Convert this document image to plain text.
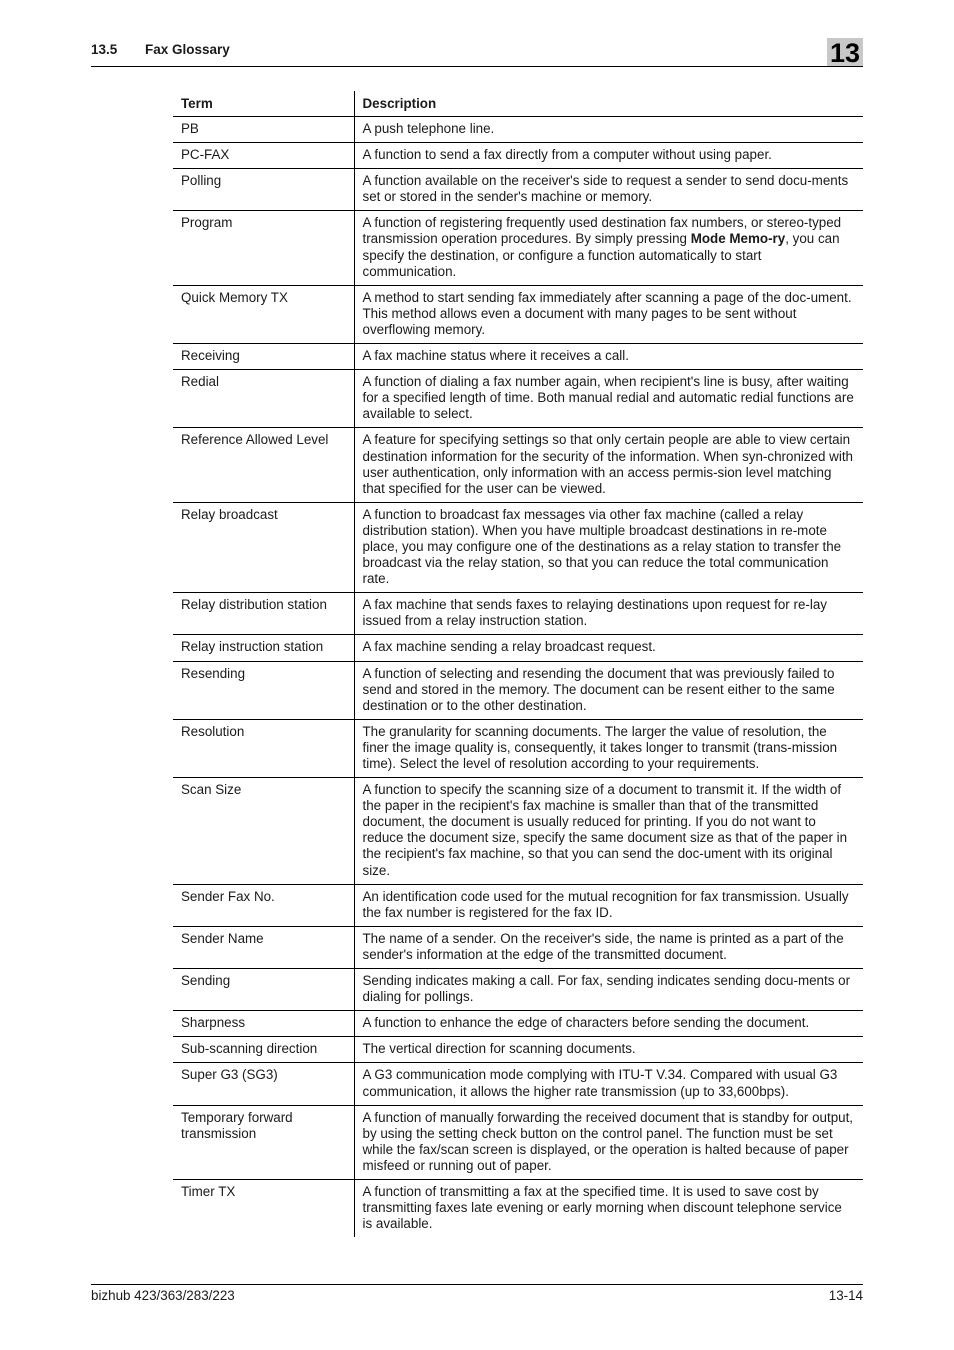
13.5 Fax Glossary	13
Term	Description
PB	A push telephone line.
PC-FAX	A function to send a fax directly from a computer without using paper.
Polling	A function available on the receiver's side to request a sender to send docu-ments set or stored in the sender's machine or memory.
Program	A function of registering frequently used destination fax numbers, or stereo-typed transmission operation procedures. By simply pressing Mode Memo-ry, you can specify the destination, or configure a function automatically to start communication.
Quick Memory TX	A method to start sending fax immediately after scanning a page of the doc-ument. This method allows even a document with many pages to be sent without overflowing memory.
Receiving	A fax machine status where it receives a call.
Redial	A function of dialing a fax number again, when recipient's line is busy, after waiting for a specified length of time. Both manual redial and automatic redial functions are available to select.
Reference Allowed Level	A feature for specifying settings so that only certain people are able to view certain destination information for the security of the information. When syn-chronized with user authentication, only information with an access permis-sion level matching that specified for the user can be viewed.
Relay broadcast	A function to broadcast fax messages via other fax machine (called a relay distribution station). When you have multiple broadcast destinations in re-mote place, you may configure one of the destinations as a relay station to transfer the broadcast via the relay station, so that you can reduce the total communication rate.
Relay distribution station	A fax machine that sends faxes to relaying destinations upon request for re-lay issued from a relay instruction station.
Relay instruction station	A fax machine sending a relay broadcast request.
Resending	A function of selecting and resending the document that was previously failed to send and stored in the memory. The document can be resent either to the same destination or to the other destination.
Resolution	The granularity for scanning documents. The larger the value of resolution, the finer the image quality is, consequently, it takes longer to transmit (trans-mission time). Select the level of resolution according to your requirements.
Scan Size	A function to specify the scanning size of a document to transmit it. If the width of the paper in the recipient's fax machine is smaller than that of the transmitted document, the document is usually reduced for printing. If you do not want to reduce the document size, specify the same document size as that of the paper in the recipient's fax machine, so that you can send the doc-ument with its original size.
Sender Fax No.	An identification code used for the mutual recognition for fax transmission. Usually the fax number is registered for the fax ID.
Sender Name	The name of a sender. On the receiver's side, the name is printed as a part of the sender's information at the edge of the transmitted document.
Sending	Sending indicates making a call. For fax, sending indicates sending docu-ments or dialing for pollings.
Sharpness	A function to enhance the edge of characters before sending the document.
Sub-scanning direction	The vertical direction for scanning documents.
Super G3 (SG3)	A G3 communication mode complying with ITU-T V.34. Compared with usual G3 communication, it allows the higher rate transmission (up to 33,600bps).
Temporary forward transmission	A function of manually forwarding the received document that is standby for output, by using the setting check button on the control panel. The function must be set while the fax/scan screen is displayed, or the operation is halted because of paper misfeed or running out of paper.
Timer TX	A function of transmitting a fax at the specified time. It is used to save cost by transmitting faxes late evening or early morning when discount telephone service is available.
bizhub 423/363/283/223	13-14
